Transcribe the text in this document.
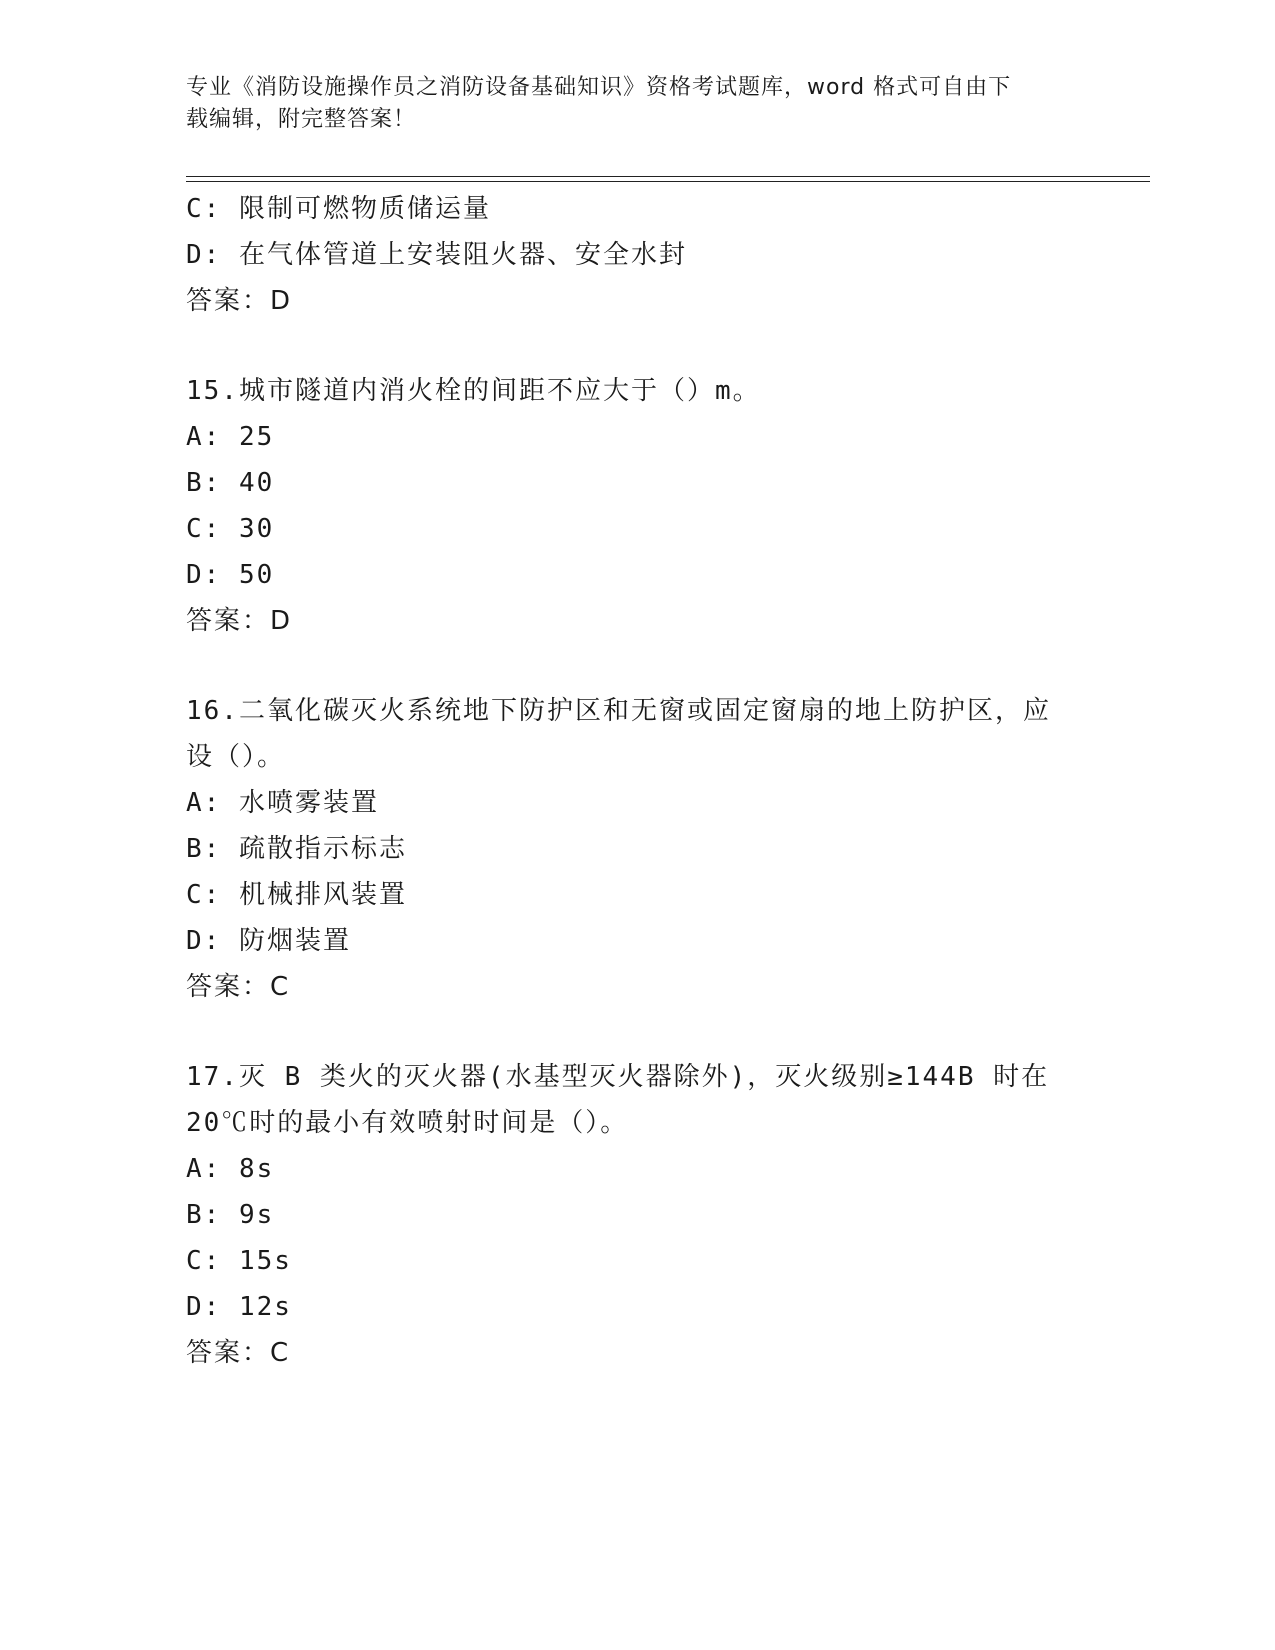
专业《消防设施操作员之消防设备基础知识》资格考试题库，word 格式可自由下
载编辑，附完整答案！
C: 限制可燃物质储运量
D: 在气体管道上安装阻火器、安全水封
答案：D
15.城市隧道内消火栓的间距不应大于（）m。
A: 25
B: 40
C: 30
D: 50
答案：D
16.二氧化碳灭火系统地下防护区和无窗或固定窗扇的地上防护区，应
设（）。
A: 水喷雾装置
B: 疏散指示标志
C: 机械排风装置
D: 防烟装置
答案：C
17.灭 B 类火的灭火器(水基型灭火器除外)，灭火级别≥144B 时在
20℃时的最小有效喷射时间是（）。
A: 8s
B: 9s
C: 15s
D: 12s
答案：C
